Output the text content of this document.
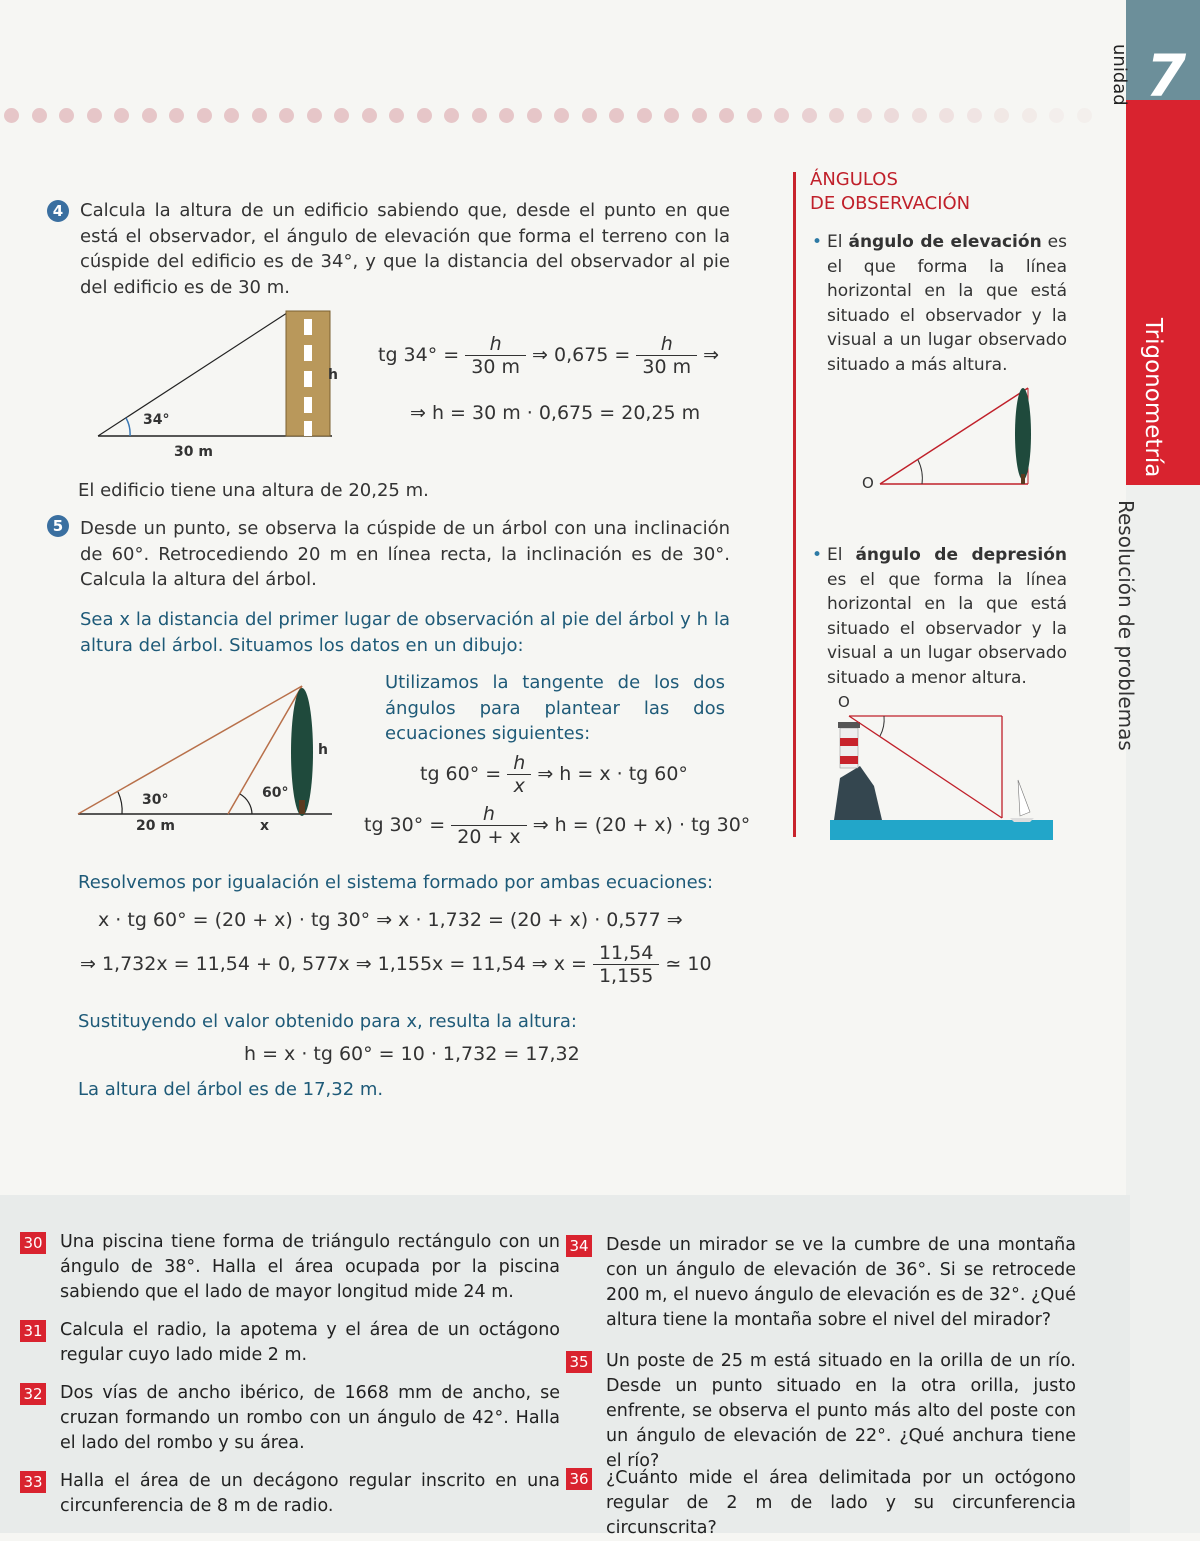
unidad 7
Trigonometría
Resolución de problemas
4 Calcula la altura de un edificio sabiendo que, desde el punto en que está el observador, el ángulo de elevación que forma el terreno con la cúspide del edificio es de 34°, y que la distancia del observador al pie del edificio es de 30 m.
34°
30 m
h
tg $34^\circ = \frac{h}{30 m}$ ⇒ $0,675 = \frac{h}{30 m}$ ⇒
⇒ h = 30 m · 0,675 = 20,25 m
El edificio tiene una altura de 20,25 m.
5 Desde un punto, se observa la cúspide de un árbol con una inclinación de 60°. Retrocediendo 20 m en línea recta, la inclinación es de 30°. Calcula la altura del árbol.
Sea x la distancia del primer lugar de observación al pie del árbol y h la altura del árbol. Situamos los datos en un dibujo:
30°	60°
20 m	x
h
Utilizamos la tangente de los dos ángulos para plantear las dos ecuaciones siguientes:
tg $60^\circ = \frac{h}{x}$ ⇒ h = x · tg 60°
tg $30^\circ = \frac{h}{20 + x}$ ⇒ h = (20 + x) · tg 30°
Resolvemos por igualación el sistema formado por ambas ecuaciones:
x · tg 60° = (20 + x) · tg 30° ⇒ x · 1,732 = (20 + x) · 0,577 ⇒
⇒ 1,732x = 11,54 + 0, 577x ⇒ 1,155x = 11,54 ⇒ $x = \frac{11,54}{1,155}$ ≃ 10
Sustituyendo el valor obtenido para x, resulta la altura:
h = x · tg 60° = 10 · 1,732 = 17,32
La altura del árbol es de 17,32 m.
ÁNGULOS
DE OBSERVACIÓN
• El ángulo de elevación es el que forma la línea horizontal en la que está situado el observador y la visual a un lugar observado situado a más altura.
O
• El ángulo de depresión es el que forma la línea horizontal en la que está situado el observador y la visual a un lugar observado situado a menor altura.
O
30 Una piscina tiene forma de triángulo rectángulo con un ángulo de 38°. Halla el área ocupada por la piscina sabiendo que el lado de mayor longitud mide 24 m.
31 Calcula el radio, la apotema y el área de un octágono regular cuyo lado mide 2 m.
32 Dos vías de ancho ibérico, de 1668 mm de ancho, se cruzan formando un rombo con un ángulo de 42°. Halla el lado del rombo y su área.
33 Halla el área de un decágono regular inscrito en una circunferencia de 8 m de radio.
34 Desde un mirador se ve la cumbre de una montaña con un ángulo de elevación de 36°. Si se retrocede 200 m, el nuevo ángulo de elevación es de 32°. ¿Qué altura tiene la montaña sobre el nivel del mirador?
35 Un poste de 25 m está situado en la orilla de un río. Desde un punto situado en la otra orilla, justo enfrente, se observa el punto más alto del poste con un ángulo de elevación de 22°. ¿Qué anchura tiene el río?
36 ¿Cuánto mide el área delimitada por un octógono regular de 2 m de lado y su circunferencia circunscrita?
